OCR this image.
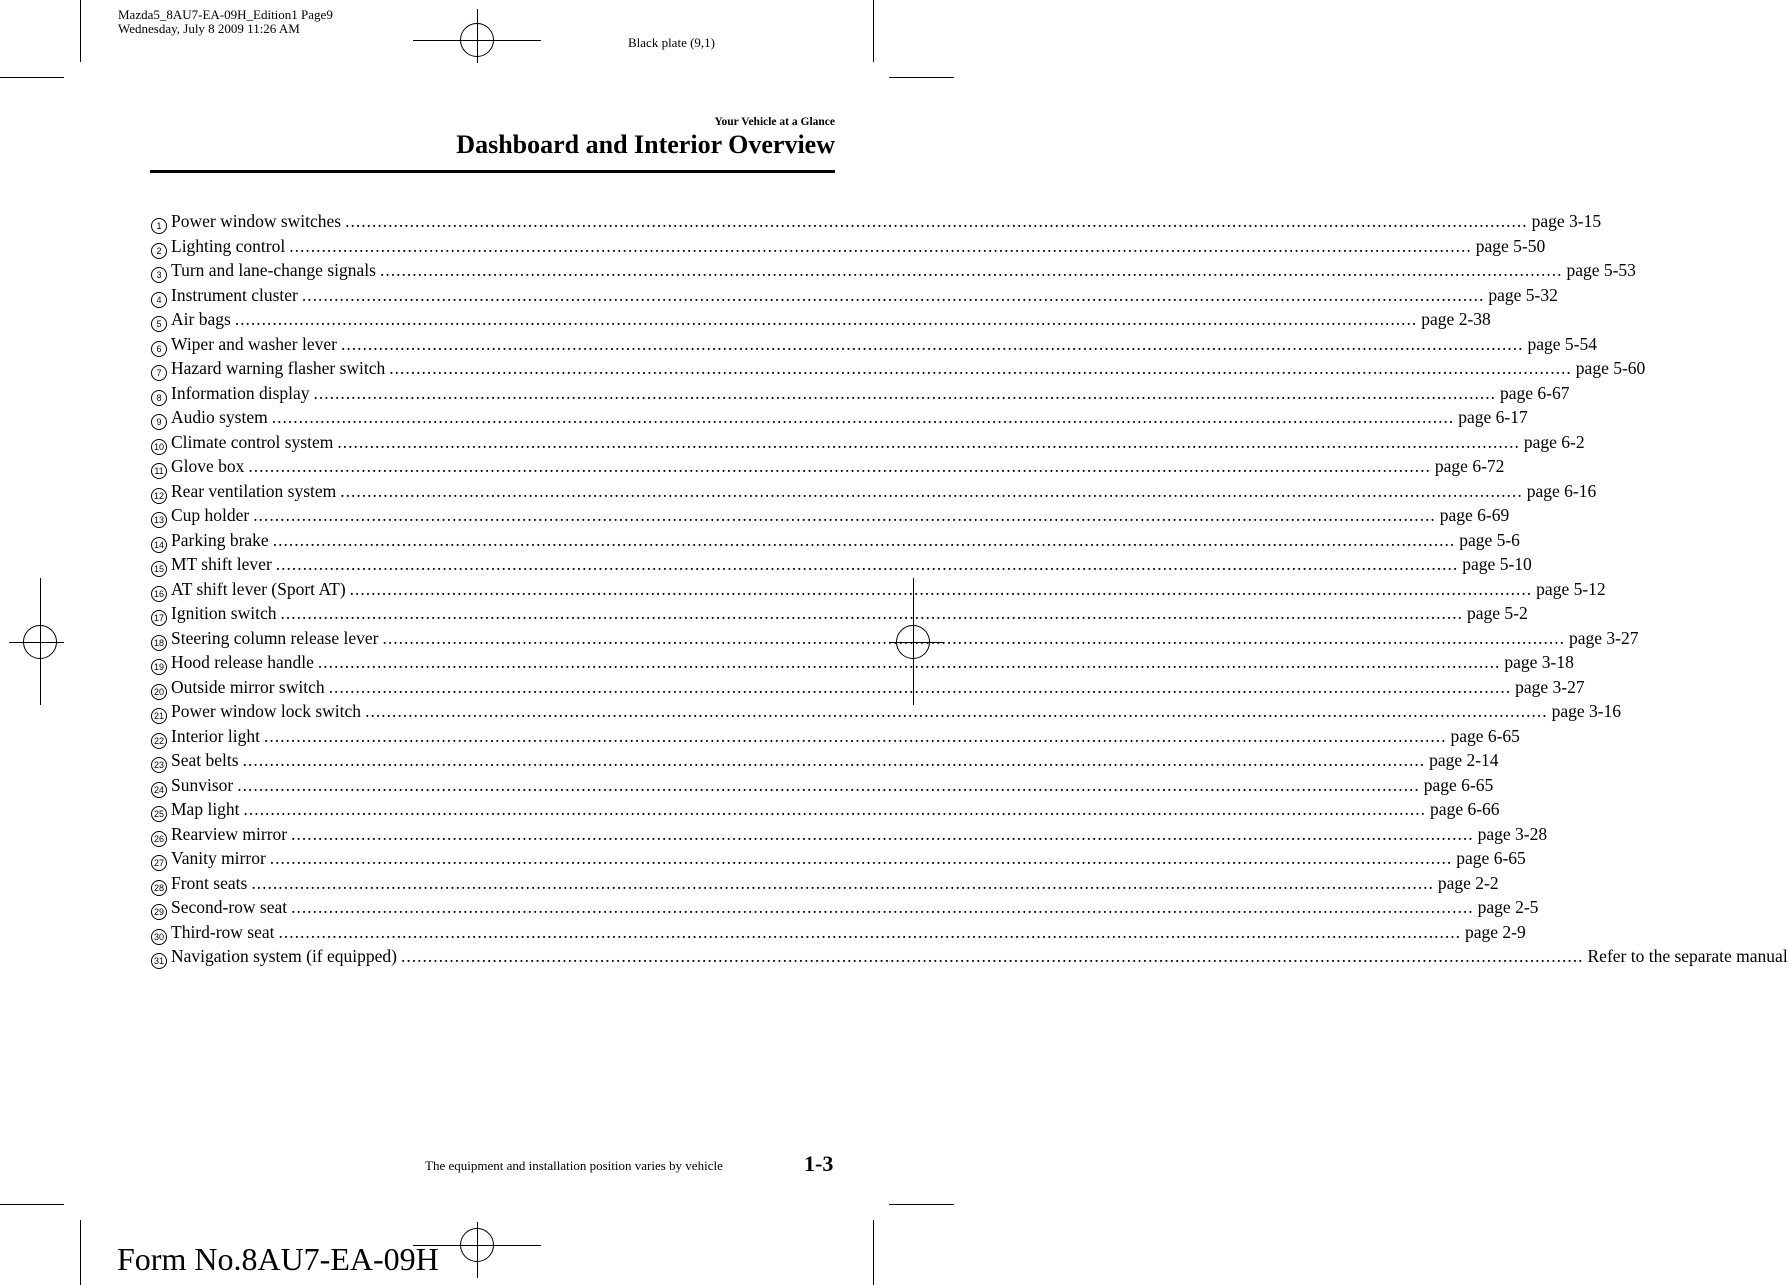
Mazda5_8AU7-EA-09H_Edition1 Page9
Wednesday, July 8 2009 11:26 AM
Black plate (9,1)
Your Vehicle at a Glance
Dashboard and Interior Overview
1 Power window switches ............................................................................................................................................................................................................................ page 3-15
2 Lighting control ............................................................................................................................................................................................................................ page 5-50
3 Turn and lane-change signals ............................................................................................................................................................................................................................ page 5-53
4 Instrument cluster ............................................................................................................................................................................................................................ page 5-32
5 Air bags ............................................................................................................................................................................................................................ page 2-38
6 Wiper and washer lever ............................................................................................................................................................................................................................ page 5-54
7 Hazard warning flasher switch ............................................................................................................................................................................................................................ page 5-60
8 Information display ............................................................................................................................................................................................................................ page 6-67
9 Audio system ............................................................................................................................................................................................................................ page 6-17
10 Climate control system ............................................................................................................................................................................................................................ page 6-2
11 Glove box ............................................................................................................................................................................................................................ page 6-72
12 Rear ventilation system ............................................................................................................................................................................................................................ page 6-16
13 Cup holder ............................................................................................................................................................................................................................ page 6-69
14 Parking brake ............................................................................................................................................................................................................................ page 5-6
15 MT shift lever ............................................................................................................................................................................................................................ page 5-10
16 AT shift lever (Sport AT) ............................................................................................................................................................................................................................ page 5-12
17 Ignition switch ............................................................................................................................................................................................................................ page 5-2
18 Steering column release lever ............................................................................................................................................................................................................................ page 3-27
19 Hood release handle ............................................................................................................................................................................................................................ page 3-18
20 Outside mirror switch ............................................................................................................................................................................................................................ page 3-27
21 Power window lock switch ............................................................................................................................................................................................................................ page 3-16
22 Interior light ............................................................................................................................................................................................................................ page 6-65
23 Seat belts ............................................................................................................................................................................................................................ page 2-14
24 Sunvisor ............................................................................................................................................................................................................................ page 6-65
25 Map light ............................................................................................................................................................................................................................ page 6-66
26 Rearview mirror ............................................................................................................................................................................................................................ page 3-28
27 Vanity mirror ............................................................................................................................................................................................................................ page 6-65
28 Front seats ............................................................................................................................................................................................................................ page 2-2
29 Second-row seat ............................................................................................................................................................................................................................ page 2-5
30 Third-row seat ............................................................................................................................................................................................................................ page 2-9
31 Navigation system (if equipped) ............................................................................................................................................................................................................................ Refer to the separate manual
The equipment and installation position varies by vehicle	1-3
Form No.8AU7-EA-09H
